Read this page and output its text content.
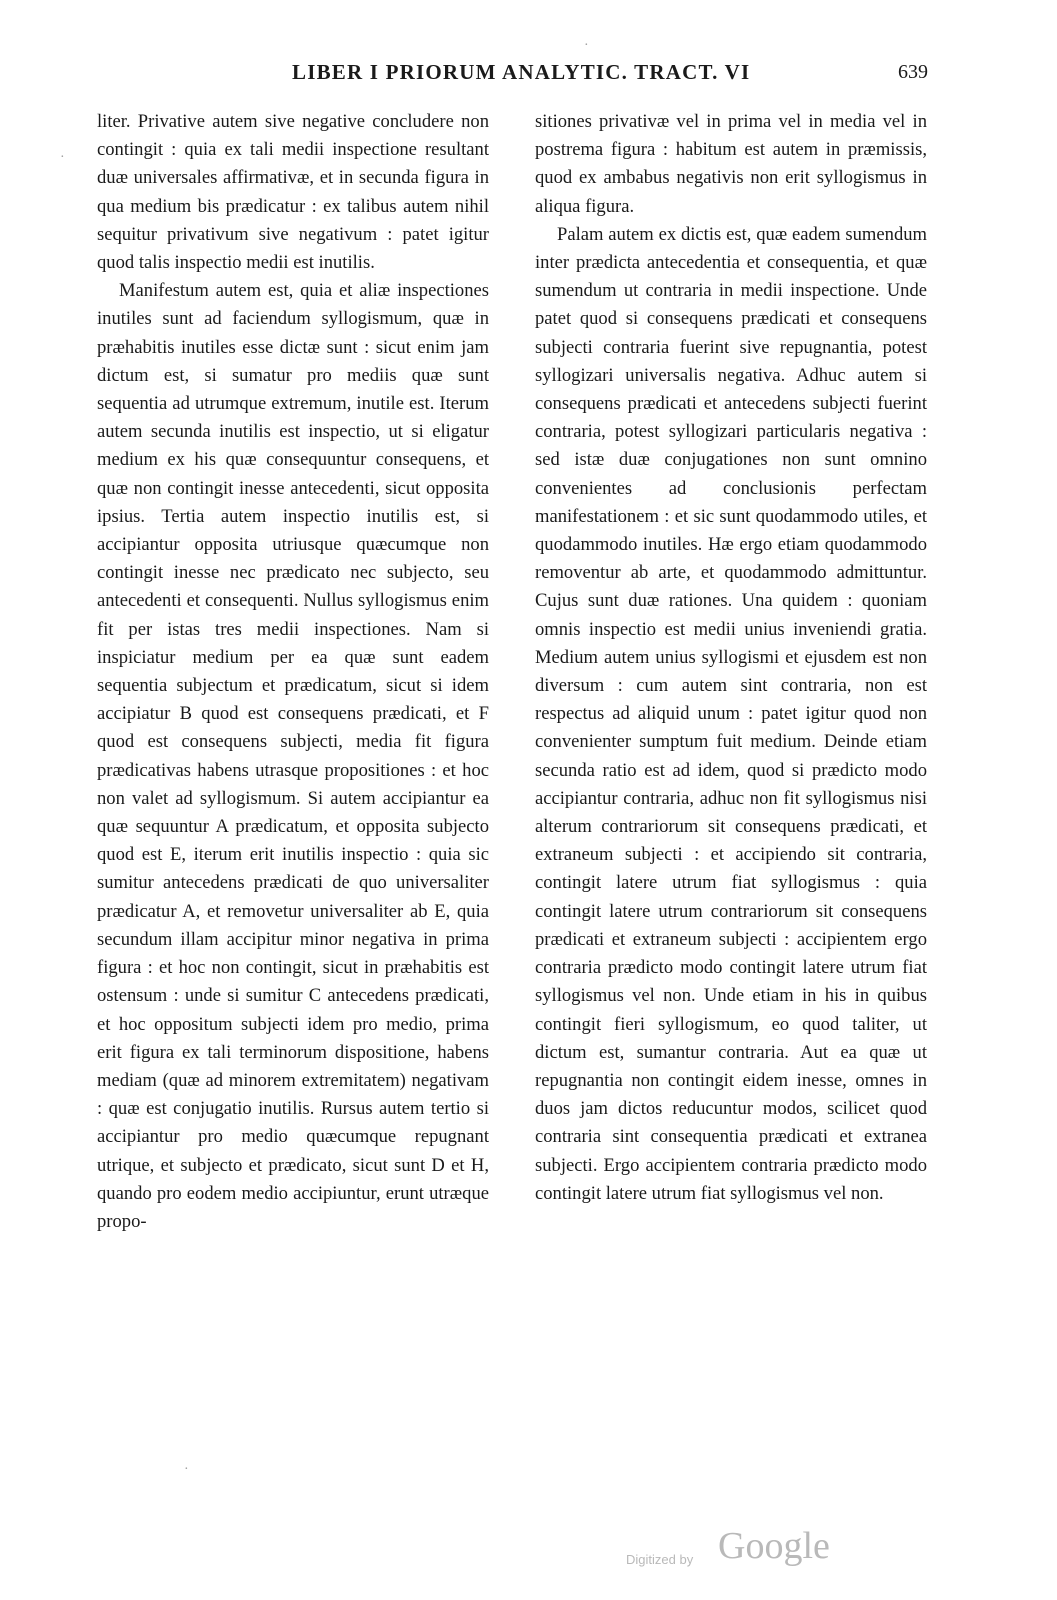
LIBER I PRIORUM ANALYTIC. TRACT. VI	639
·
·
·

liter. Privative autem sive negative concludere non contingit : quia ex tali medii inspectione resultant duæ universales affirmativæ, et in secunda figura in qua medium bis prædicatur : ex talibus autem nihil sequitur privativum sive negativum : patet igitur quod talis inspectio medii est inutilis.

Manifestum autem est, quia et aliæ inspectiones inutiles sunt ad faciendum syllogismum, quæ in præhabitis inutiles esse dictæ sunt : sicut enim jam dictum est, si sumatur pro mediis quæ sunt sequentia ad utrumque extremum, inutile est. Iterum autem secunda inutilis est inspectio, ut si eligatur medium ex his quæ consequuntur consequens, et quæ non contingit inesse antecedenti, sicut opposita ipsius. Tertia autem inspectio inutilis est, si accipiantur opposita utriusque quæcumque non contingit inesse nec prædicato nec subjecto, seu antecedenti et consequenti. Nullus syllogismus enim fit per istas tres medii inspectiones. Nam si inspiciatur medium per ea quæ sunt eadem sequentia subjectum et prædicatum, sicut si idem accipiatur B quod est consequens prædicati, et F quod est consequens subjecti, media fit figura prædicativas habens utrasque propositiones : et hoc non valet ad syllogismum. Si autem accipiantur ea quæ sequuntur A prædicatum, et opposita subjecto quod est E, iterum erit inutilis inspectio : quia sic sumitur antecedens prædicati de quo universaliter prædicatur A, et removetur universaliter ab E, quia secundum illam accipitur minor negativa in prima figura : et hoc non contingit, sicut in præhabitis est ostensum : unde si sumitur C antecedens prædicati, et hoc oppositum subjecti idem pro medio, prima erit figura ex tali terminorum dispositione, habens mediam (quæ ad minorem extremitatem) negativam : quæ est conjugatio inutilis. Rursus autem tertio si accipiantur pro medio quæcumque repugnant utrique, et subjecto et prædicato, sicut sunt D et H, quando pro eodem medio accipiuntur, erunt utræque propo-

sitiones privativæ vel in prima vel in media vel in postrema figura : habitum est autem in præmissis, quod ex ambabus negativis non erit syllogismus in aliqua figura.

Palam autem ex dictis est, quæ eadem sumendum inter prædicta antecedentia et consequentia, et quæ sumendum ut contraria in medii inspectione. Unde patet quod si consequens prædicati et consequens subjecti contraria fuerint sive repugnantia, potest syllogizari universalis negativa. Adhuc autem si consequens prædicati et antecedens subjecti fuerint contraria, potest syllogizari particularis negativa : sed istæ duæ conjugationes non sunt omnino convenientes ad conclusionis perfectam manifestationem : et sic sunt quodammodo utiles, et quodammodo inutiles. Hæ ergo etiam quodammodo removentur ab arte, et quodammodo admittuntur. Cujus sunt duæ rationes. Una quidem : quoniam omnis inspectio est medii unius inveniendi gratia. Medium autem unius syllogismi et ejusdem est non diversum : cum autem sint contraria, non est respectus ad aliquid unum : patet igitur quod non convenienter sumptum fuit medium. Deinde etiam secunda ratio est ad idem, quod si prædicto modo accipiantur contraria, adhuc non fit syllogismus nisi alterum contrariorum sit consequens prædicati, et extraneum subjecti : et accipiendo sit contraria, contingit latere utrum fiat syllogismus : quia contingit latere utrum contrariorum sit consequens prædicati et extraneum subjecti : accipientem ergo contraria prædicto modo contingit latere utrum fiat syllogismus vel non. Unde etiam in his in quibus contingit fieri syllogismum, eo quod taliter, ut dictum est, sumantur contraria. Aut ea quæ ut repugnantia non contingit eidem inesse, omnes in duos jam dictos reducuntur modos, scilicet quod contraria sint consequentia prædicati et extranea subjecti. Ergo accipientem contraria prædicto modo contingit latere utrum fiat syllogismus vel non.

Digitized by Google
